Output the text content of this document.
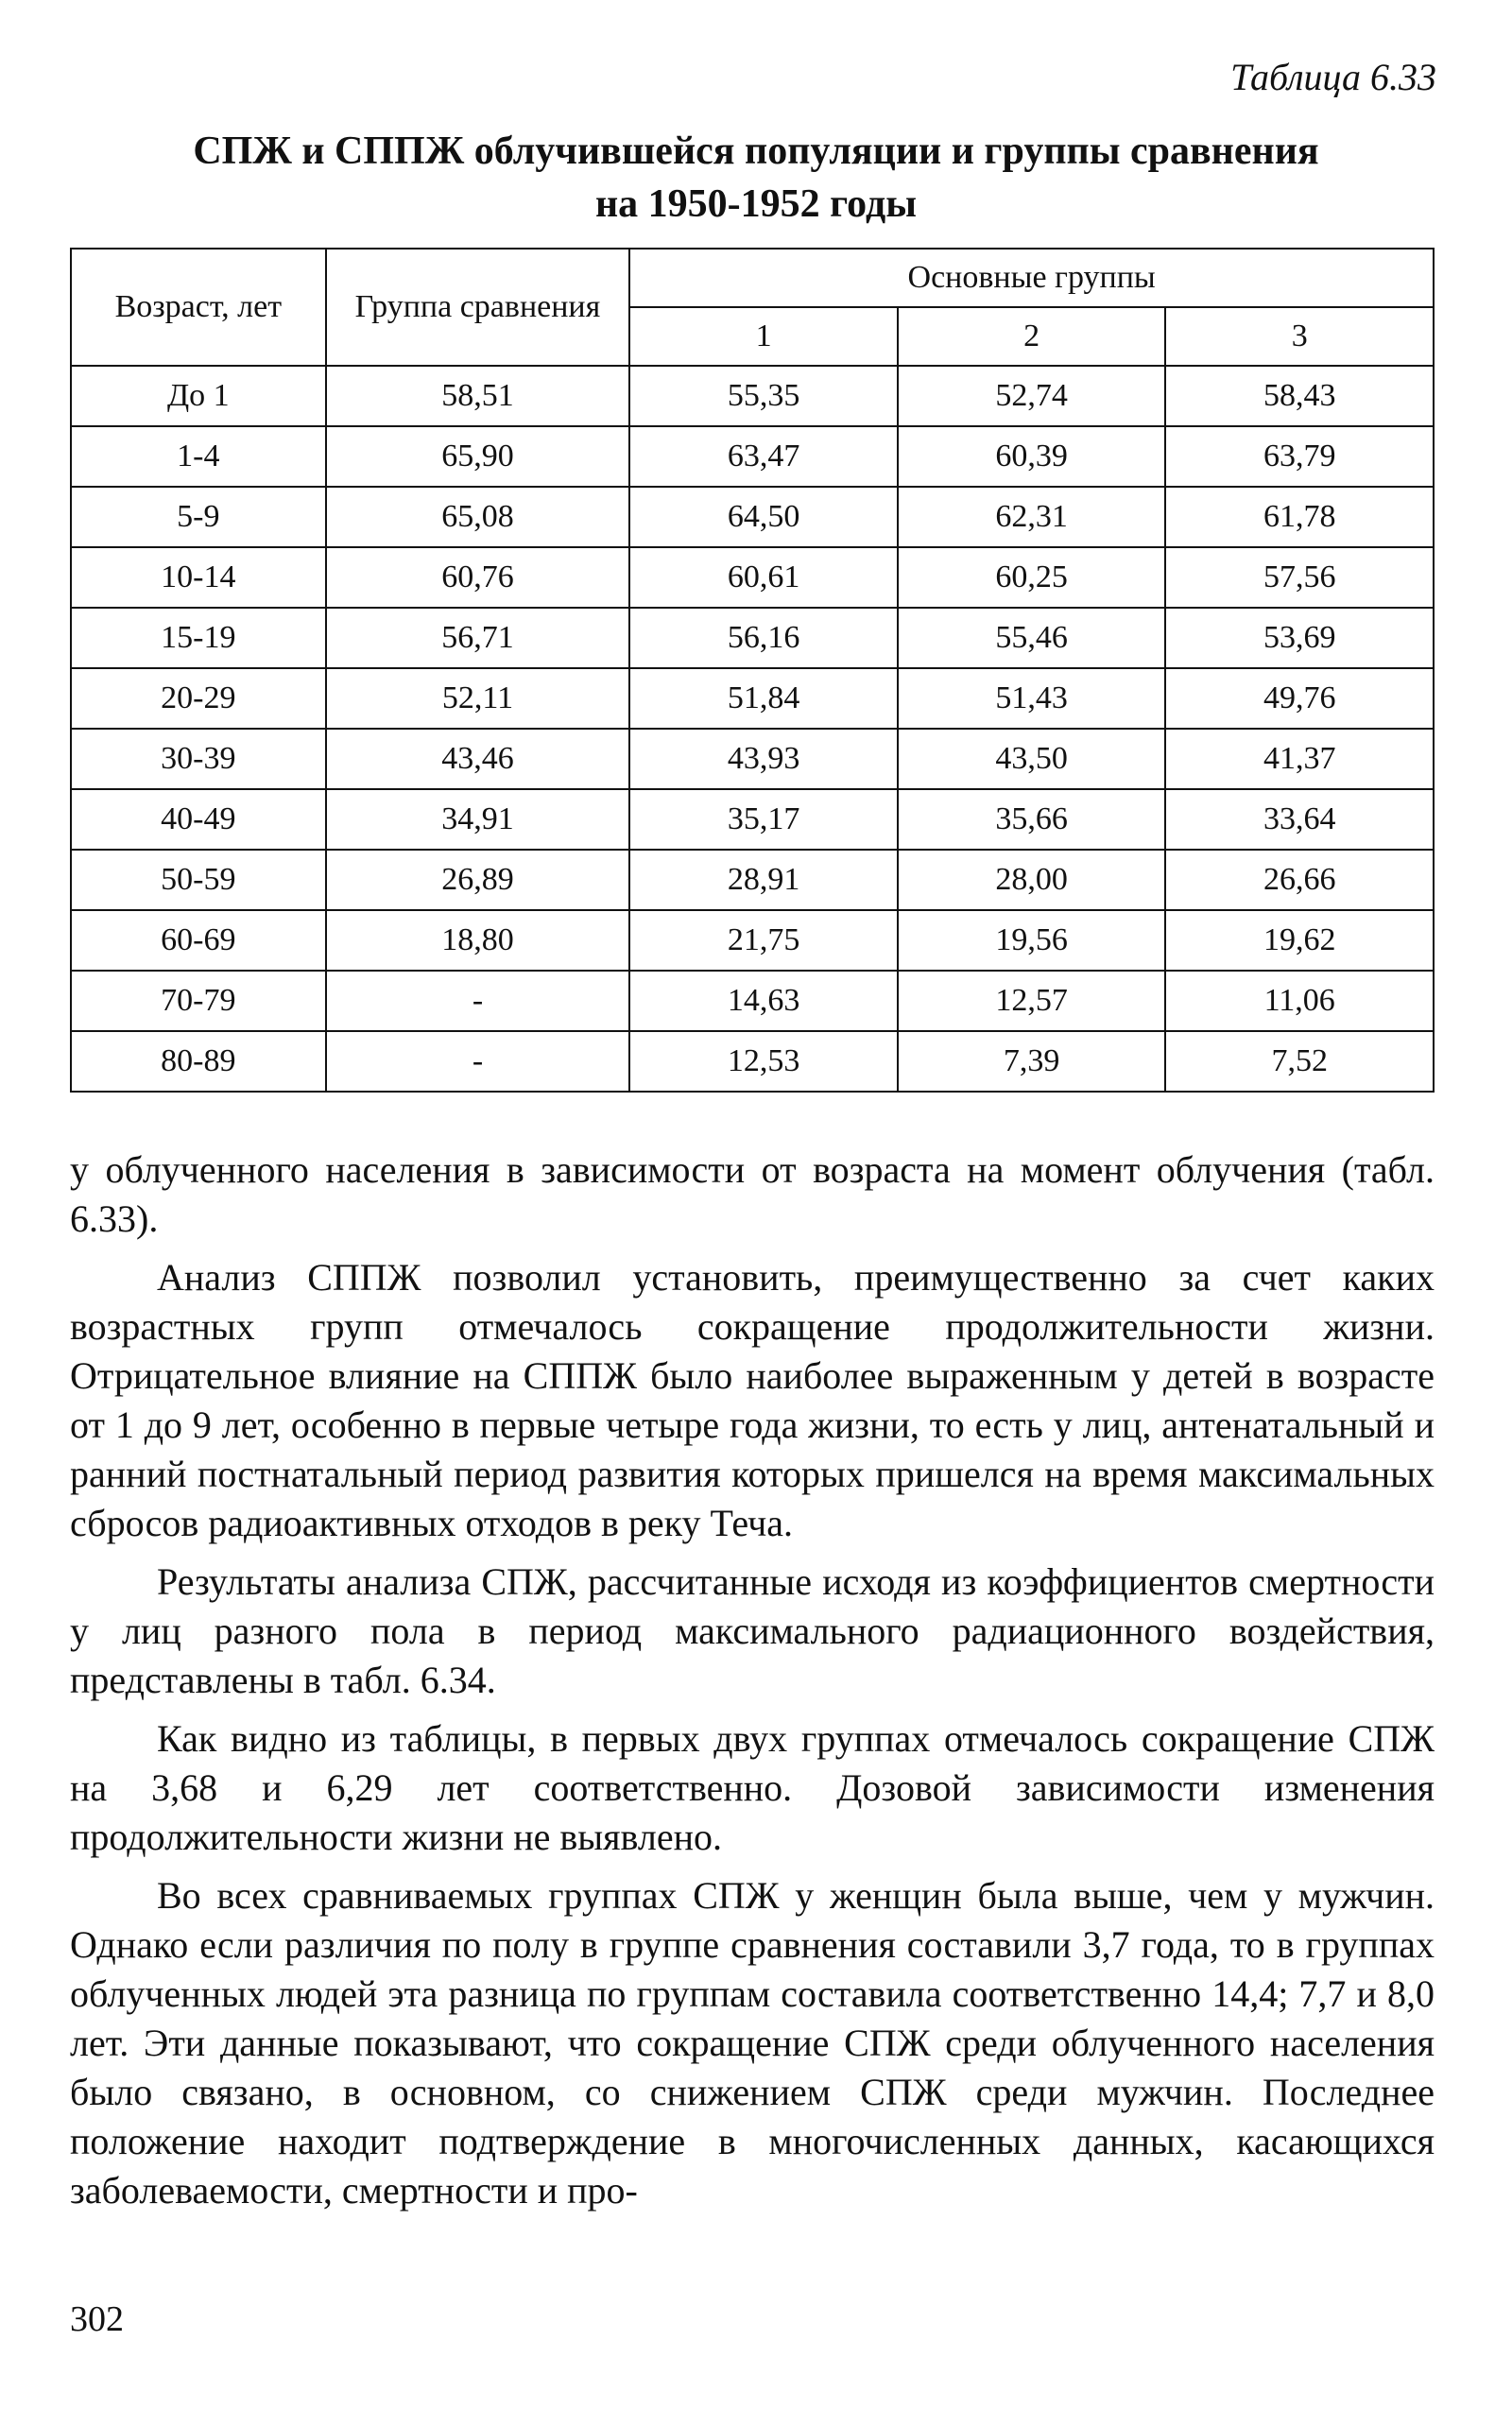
Таблица 6.33
СПЖ и СППЖ облучившейся популяции и группы сравнения
на 1950-1952 годы
Возраст, лет	Группа сравнения	Основные группы		
		1	2	3
До 1	58,51	55,35	52,74	58,43
1-4	65,90	63,47	60,39	63,79
5-9	65,08	64,50	62,31	61,78
10-14	60,76	60,61	60,25	57,56
15-19	56,71	56,16	55,46	53,69
20-29	52,11	51,84	51,43	49,76
30-39	43,46	43,93	43,50	41,37
40-49	34,91	35,17	35,66	33,64
50-59	26,89	28,91	28,00	26,66
60-69	18,80	21,75	19,56	19,62
70-79	-	14,63	12,57	11,06
80-89	-	12,53	7,39	7,52

у облученного населения в зависимости от возраста на момент облучения (табл. 6.33).

Анализ СППЖ позволил установить, преимущественно за счет каких возрастных групп отмечалось сокращение продолжительности жизни. Отрицательное влияние на СППЖ было наиболее выраженным у детей в возрасте от 1 до 9 лет, особенно в первые четыре года жизни, то есть у лиц, антенатальный и ранний постнатальный период развития которых пришелся на время максимальных сбросов радиоактивных отходов в реку Теча.

Результаты анализа СПЖ, рассчитанные исходя из коэффициентов смертности у лиц разного пола в период максимального радиационного воздействия, представлены в табл. 6.34.

Как видно из таблицы, в первых двух группах отмечалось сокращение СПЖ на 3,68 и 6,29 лет соответственно. Дозовой зависимости изменения продолжительности жизни не выявлено.

Во всех сравниваемых группах СПЖ у женщин была выше, чем у мужчин. Однако если различия по полу в группе сравнения составили 3,7 года, то в группах облученных людей эта разница по группам составила соответственно 14,4; 7,7 и 8,0 лет. Эти данные показывают, что сокращение СПЖ среди облученного населения было связано, в основном, со снижением СПЖ среди мужчин. Последнее положение находит подтверждение в многочисленных данных, касающихся заболеваемости, смертности и про-

302
